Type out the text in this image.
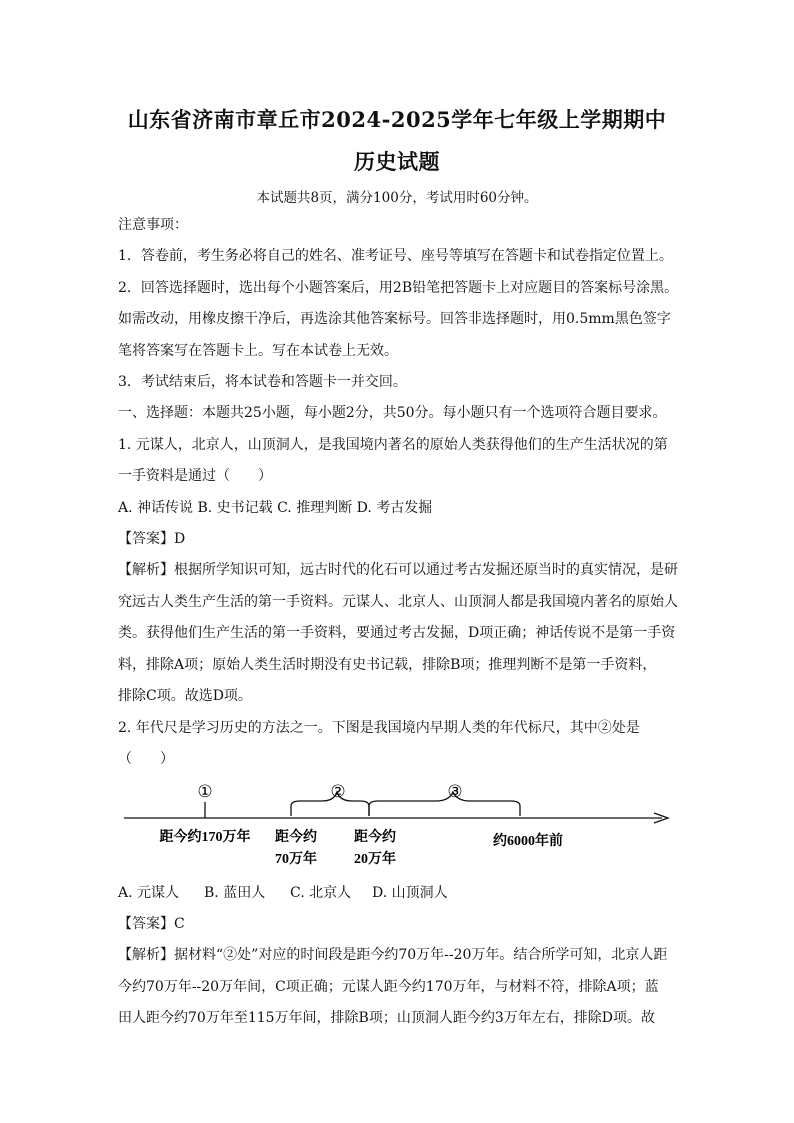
山东省济南市章丘市2024-2025学年七年级上学期期中
历史试题
本试题共8页，满分100分，考试用时60分钟。
注意事项：
1．答卷前，考生务必将自己的姓名、准考证号、座号等填写在答题卡和试卷指定位置上。
2．回答选择题时，选出每个小题答案后，用2B铅笔把答题卡上对应题目的答案标号涂黑。
如需改动，用橡皮擦干净后，再选涂其他答案标号。回答非选择题时，用0.5mm黑色签字
笔将答案写在答题卡上。写在本试卷上无效。
3．考试结束后，将本试卷和答题卡一并交回。
一、选择题：本题共25小题，每小题2分，共50分。每小题只有一个选项符合题目要求。
1. 元谋人，北京人，山顶洞人，是我国境内著名的原始人类获得他们的生产生活状况的第
一手资料是通过（　　）
A. 神话传说 B. 史书记载 C. 推理判断 D. 考古发掘
【答案】D
【解析】根据所学知识可知，远古时代的化石可以通过考古发掘还原当时的真实情况，是研
究远古人类生产生活的第一手资料。元谋人、北京人、山顶洞人都是我国境内著名的原始人
类。获得他们生产生活的第一手资料，要通过考古发掘，D项正确；神话传说不是第一手资
料，排除A项；原始人类生活时期没有史书记载，排除B项；推理判断不是第一手资料，
排除C项。故选D项。
2. 年代尺是学习历史的方法之一。下图是我国境内早期人类的年代标尺，其中②处是
（　　）
①	②	③
距今约170万年 距今约
70万年
距今约
20万年
约6000年前
A. 元谋人 B. 蓝田人 C. 北京人 D. 山顶洞人
【答案】C
【解析】据材料“②处”对应的时间段是距今约70万年--20万年。结合所学可知，北京人距
今约70万年--20万年间，C项正确；元谋人距今约170万年，与材料不符，排除A项；蓝
田人距今约70万年至115万年间，排除B项；山顶洞人距今约3万年左右，排除D项。故
